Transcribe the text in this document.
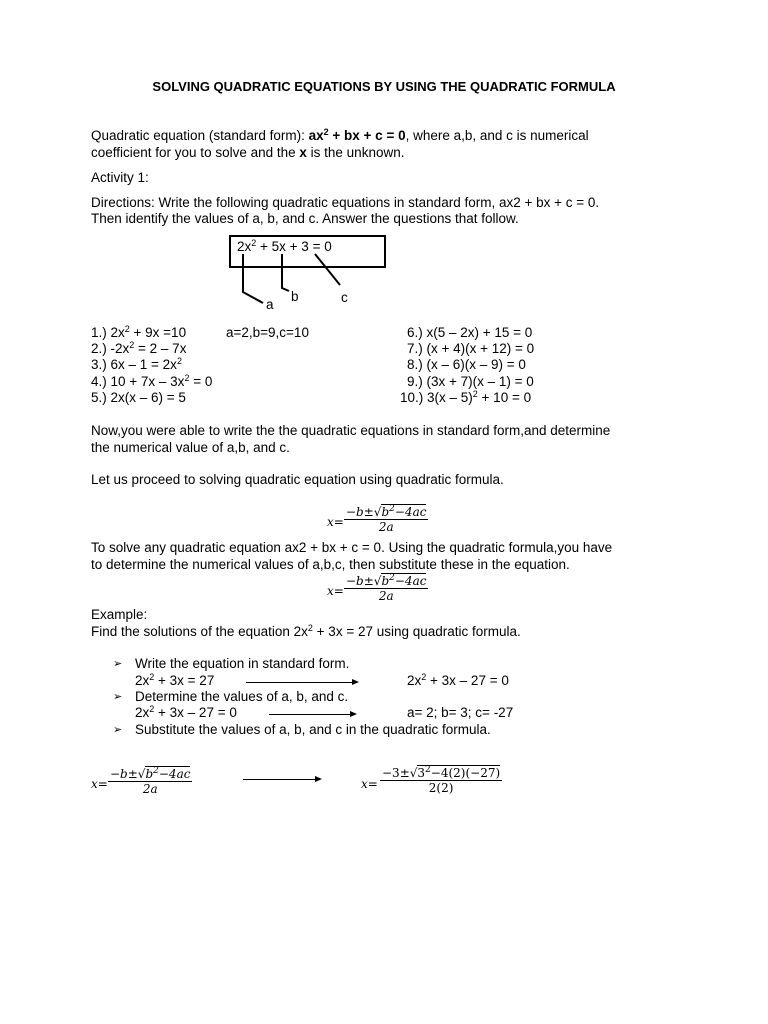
SOLVING QUADRATIC EQUATIONS BY USING THE QUADRATIC FORMULA
Quadratic equation (standard form): $ax^2$ + bx + c = 0, where a,b, and c is numerical
coefficient for you to solve and the x is the unknown.
Activity 1:
Directions: Write the following quadratic equations in standard form, ax2 + bx + c = 0.
Then identify the values of a, b, and c. Answer the questions that follow.
$2x^2 + 5x + 3 = 0$
a
b	c
1.) $2x^2 + 9x =10$	a=2,b=9,c=10
2.) $-2x^2 = 2 - 7x$
3.) $6x - 1 = 2x^2$
4.) $10 + 7x - 3x^2 = 0$
5.) 2x(x – 6) = 5
6.) x(5 – 2x) + 15 = 0
7.) (x + 4)(x + 12) = 0
8.) (x – 6)(x – 9) = 0
9.) (3x + 7)(x – 1) = 0
10.) 3(x – 5)$^2$ + 10 = 0
Now,you were able to write the the quadratic equations in standard form,and determine
the numerical value of a,b, and c.
Let us proceed to solving quadratic equation using quadratic formula.
$x= \frac{-b\pm√b^2-4ac}{2a}$
To solve any quadratic equation ax2 + bx + c = 0. Using the quadratic formula,you have
to determine the numerical values of a,b,c, then substitute these in the equation.
$x= \frac{-b\pm√b^2-4ac}{2a}$
Example:
Find the solutions of the equation $2x^2 + 3x = 27$ using quadratic formula.
➢ Write the equation in standard form.
$2x^2 + 3x = 27$	$2x^2 + 3x - 27 = 0$
➢ Determine the values of a, b, and c.
$2x^2 + 3x - 27 = 0$	a= 2; b= 3; c= -27
➢ Substitute the values of a, b, and c in the quadratic formula.
$x= \frac{-b\pm√b^2-4ac}{2a}$	$x= \frac{-3\pm√3^2-4(2)(-27)}{2(2)}$
